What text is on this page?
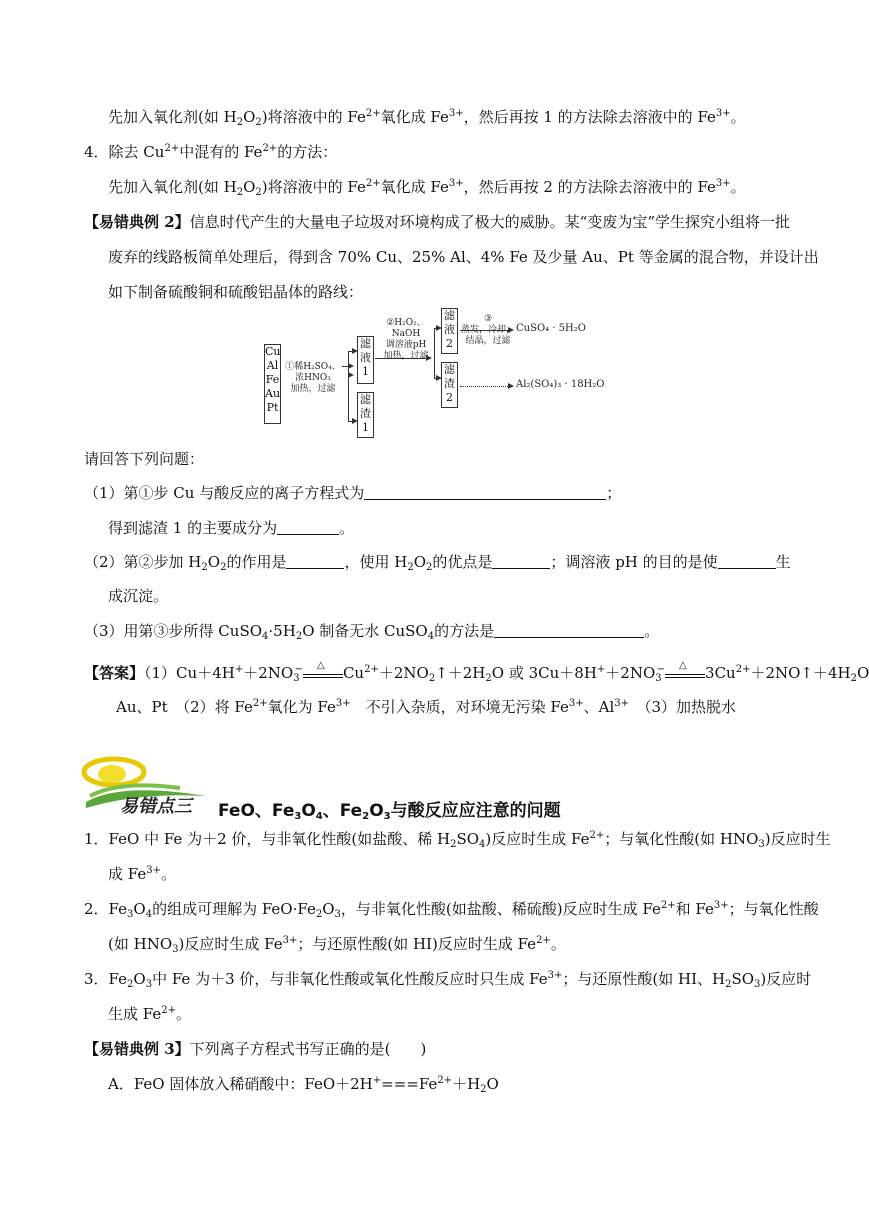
先加入氧化剂(如 $H_2O_2$)将溶液中的 $Fe^{2+}$氧化成 $Fe^{3+}$，然后再按 1 的方法除去溶液中的 $Fe^{3+}$。
4．除去 $Cu^{2+}$中混有的 $Fe^{2+}$的方法：
先加入氧化剂(如 $H_2O_2$)将溶液中的 $Fe^{2+}$氧化成 $Fe^{3+}$，然后再按 2 的方法除去溶液中的 $Fe^{3+}$。
【易错典例 2】信息时代产生的大量电子垃圾对环境构成了极大的威胁。某“变废为宝”学生探究小组将一批
废弃的线路板简单处理后，得到含 70% Cu、25% Al、4% Fe 及少量 Au、Pt 等金属的混合物，并设计出
如下制备硫酸铜和硫酸铝晶体的路线：
Cu
Al
Fe
Au
Pt
①稀H₂SO₄、
浓HNO₃
加热，过滤
滤
液
1
滤
渣
1
②H₂O₂、
NaOH
调溶液pH
加热，过滤
滤
液
2
滤
渣
2
③
蒸发，冷却，
结晶，过滤
CuSO₄ · 5H₂O
Al₂(SO₄)₃ · 18H₂O
请回答下列问题：
（1）第①步 Cu 与酸反应的离子方程式为	；
得到滤渣 1 的主要成分为	。
（2）第②步加 $H_2O_2$的作用是	，使用 $H_2O_2$的优点是	；调溶液 pH 的目的是使	生
成沉淀。
（3）用第③步所得 $CuSO_4\cdot 5H_2O$ 制备无水 CuSO$_4$的方法是	。
【答案】$(1)Cu+4H^++2NO_3^-$ △ $Cu^{2+}+2NO_2↑+2H_2O$ 或 $3Cu+8H^++2NO_3^-$ △ $3Cu^{2+}+2NO↑+4H_2O$
Au、Pt　（2）将 $Fe^{2+}$氧化为 $Fe^{3+}$　不引入杂质，对环境无污染 $Fe^{3+}$、$Al^{3+}$　（3）加热脱水
易错点三 FeO、$Fe_3O_4$、$Fe_2O_3$与酸反应应注意的问题
1．FeO 中 Fe 为＋2 价，与非氧化性酸(如盐酸、稀 $H_2SO_4$)反应时生成 $Fe^{2+}$；与氧化性酸(如 $HNO_3$)反应时生
成 $Fe^{3+}$。
2．$Fe_3O_4$的组成可理解为 $FeO\cdot Fe_2O_3$，与非氧化性酸(如盐酸、稀硫酸)反应时生成 $Fe^{2+}$和 $Fe^{3+}$；与氧化性酸
(如 $HNO_3$)反应时生成 $Fe^{3+}$；与还原性酸(如 HI)反应时生成 $Fe^{2+}$。
3．$Fe_2O_3$中 Fe 为＋3 价，与非氧化性酸或氧化性酸反应时只生成 $Fe^{3+}$；与还原性酸(如 HI、$H_2SO_3$)反应时
生成 $Fe^{2+}$。
【易错典例 3】下列离子方程式书写正确的是(　　)
A．FeO 固体放入稀硝酸中：$FeO+2H^+===Fe^{2+}+H_2O$
